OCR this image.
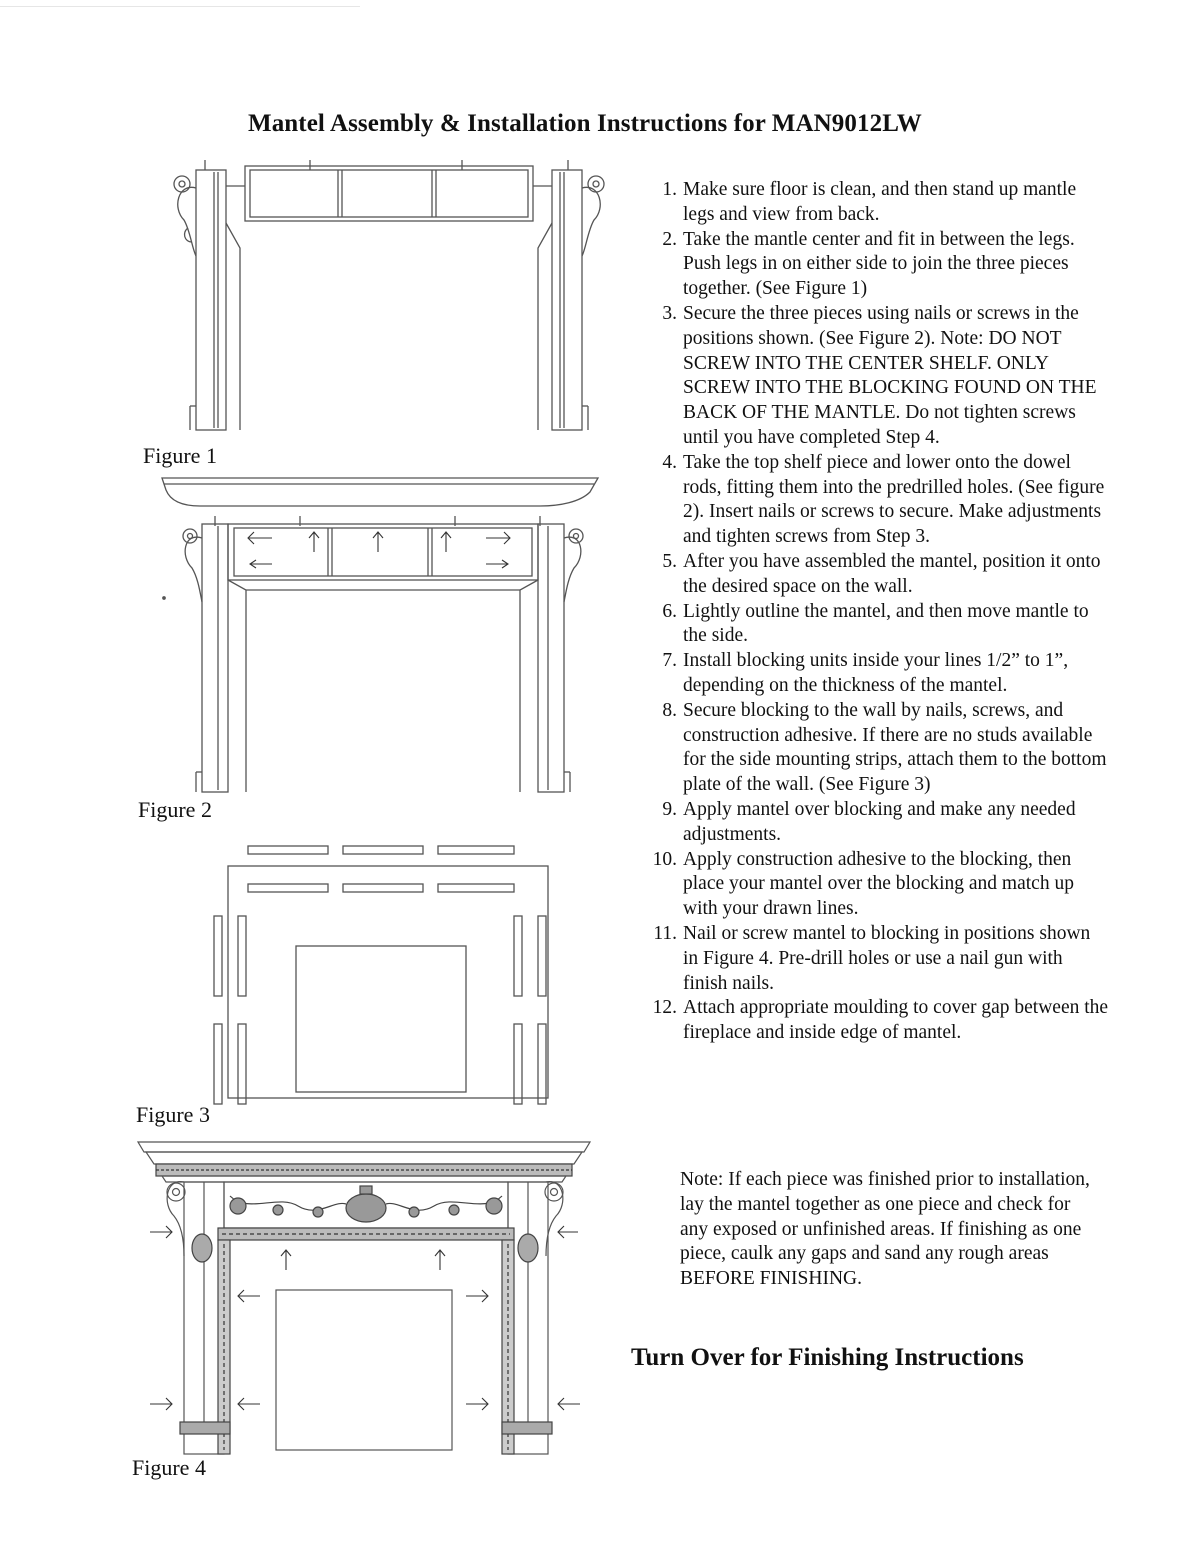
Mantel Assembly & Installation Instructions for MAN9012LW
Figure 1
Figure 2
Figure 3
Figure 4
1. Make sure floor is clean, and then stand up mantle legs and view from back.
2. Take the mantle center and fit in between the legs. Push legs in on either side to join the three pieces together. (See Figure 1)
3. Secure the three pieces using nails or screws in the positions shown. (See Figure 2). Note: DO NOT SCREW INTO THE CENTER SHELF. ONLY SCREW INTO THE BLOCKING FOUND ON THE BACK OF THE MANTLE. Do not tighten screws until you have completed Step 4.
4. Take the top shelf piece and lower onto the dowel rods, fitting them into the predrilled holes. (See figure 2). Insert nails or screws to secure. Make adjustments and tighten screws from Step 3.
5. After you have assembled the mantel, position it onto the desired space on the wall.
6. Lightly outline the mantel, and then move mantle to the side.
7. Install blocking units inside your lines 1/2” to 1”, depending on the thickness of the mantel.
8. Secure blocking to the wall by nails, screws, and construction adhesive. If there are no studs available for the side mounting strips, attach them to the bottom plate of the wall. (See Figure 3)
9. Apply mantel over blocking and make any needed adjustments.
10. Apply construction adhesive to the blocking, then place your mantel over the blocking and match up with your drawn lines.
11. Nail or screw mantel to blocking in positions shown in Figure 4. Pre-drill holes or use a nail gun with finish nails.
12. Attach appropriate moulding to cover gap between the fireplace and inside edge of mantel.
Note: If each piece was finished prior to installation, lay the mantel together as one piece and check for any exposed or unfinished areas. If finishing as one piece, caulk any gaps and sand any rough areas BEFORE FINISHING.
Turn Over for Finishing Instructions
